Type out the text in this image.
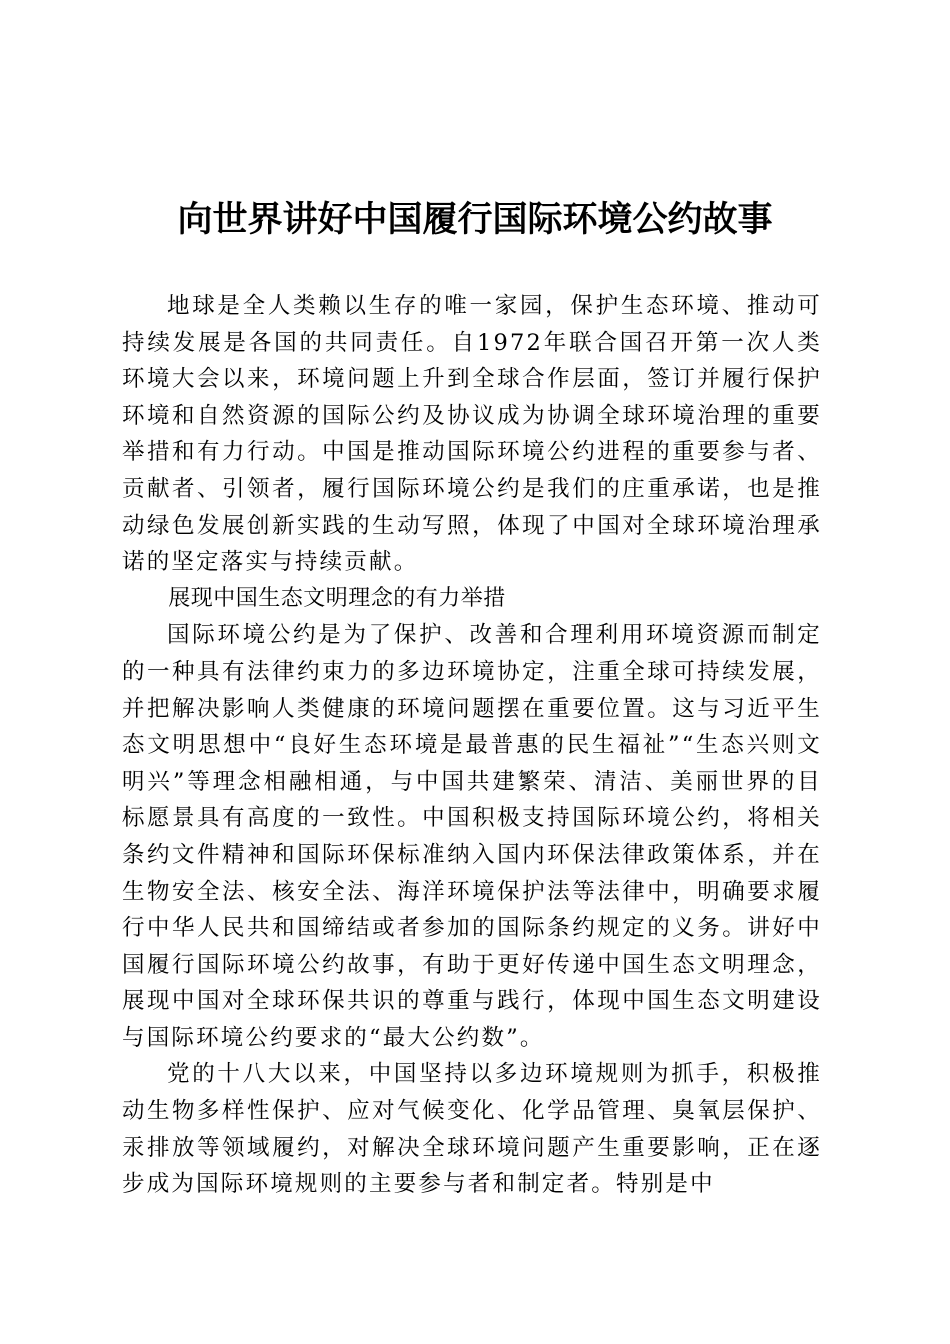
向世界讲好中国履行国际环境公约故事

地球是全人类赖以生存的唯一家园，保护生态环境、推动可持续发展是各国的共同责任。自1972年联合国召开第一次人类环境大会以来，环境问题上升到全球合作层面，签订并履行保护环境和自然资源的国际公约及协议成为协调全球环境治理的重要举措和有力行动。中国是推动国际环境公约进程的重要参与者、贡献者、引领者，履行国际环境公约是我们的庄重承诺，也是推动绿色发展创新实践的生动写照，体现了中国对全球环境治理承诺的坚定落实与持续贡献。

展现中国生态文明理念的有力举措

国际环境公约是为了保护、改善和合理利用环境资源而制定的一种具有法律约束力的多边环境协定，注重全球可持续发展，并把解决影响人类健康的环境问题摆在重要位置。这与习近平生态文明思想中“良好生态环境是最普惠的民生福祉”“生态兴则文明兴”等理念相融相通，与中国共建繁荣、清洁、美丽世界的目标愿景具有高度的一致性。中国积极支持国际环境公约，将相关条约文件精神和国际环保标准纳入国内环保法律政策体系，并在生物安全法、核安全法、海洋环境保护法等法律中，明确要求履行中华人民共和国缔结或者参加的国际条约规定的义务。讲好中国履行国际环境公约故事，有助于更好传递中国生态文明理念，展现中国对全球环保共识的尊重与践行，体现中国生态文明建设与国际环境公约要求的“最大公约数”。

党的十八大以来，中国坚持以多边环境规则为抓手，积极推动生物多样性保护、应对气候变化、化学品管理、臭氧层保护、汞排放等领域履约，对解决全球环境问题产生重要影响，正在逐步成为国际环境规则的主要参与者和制定者。特别是中
